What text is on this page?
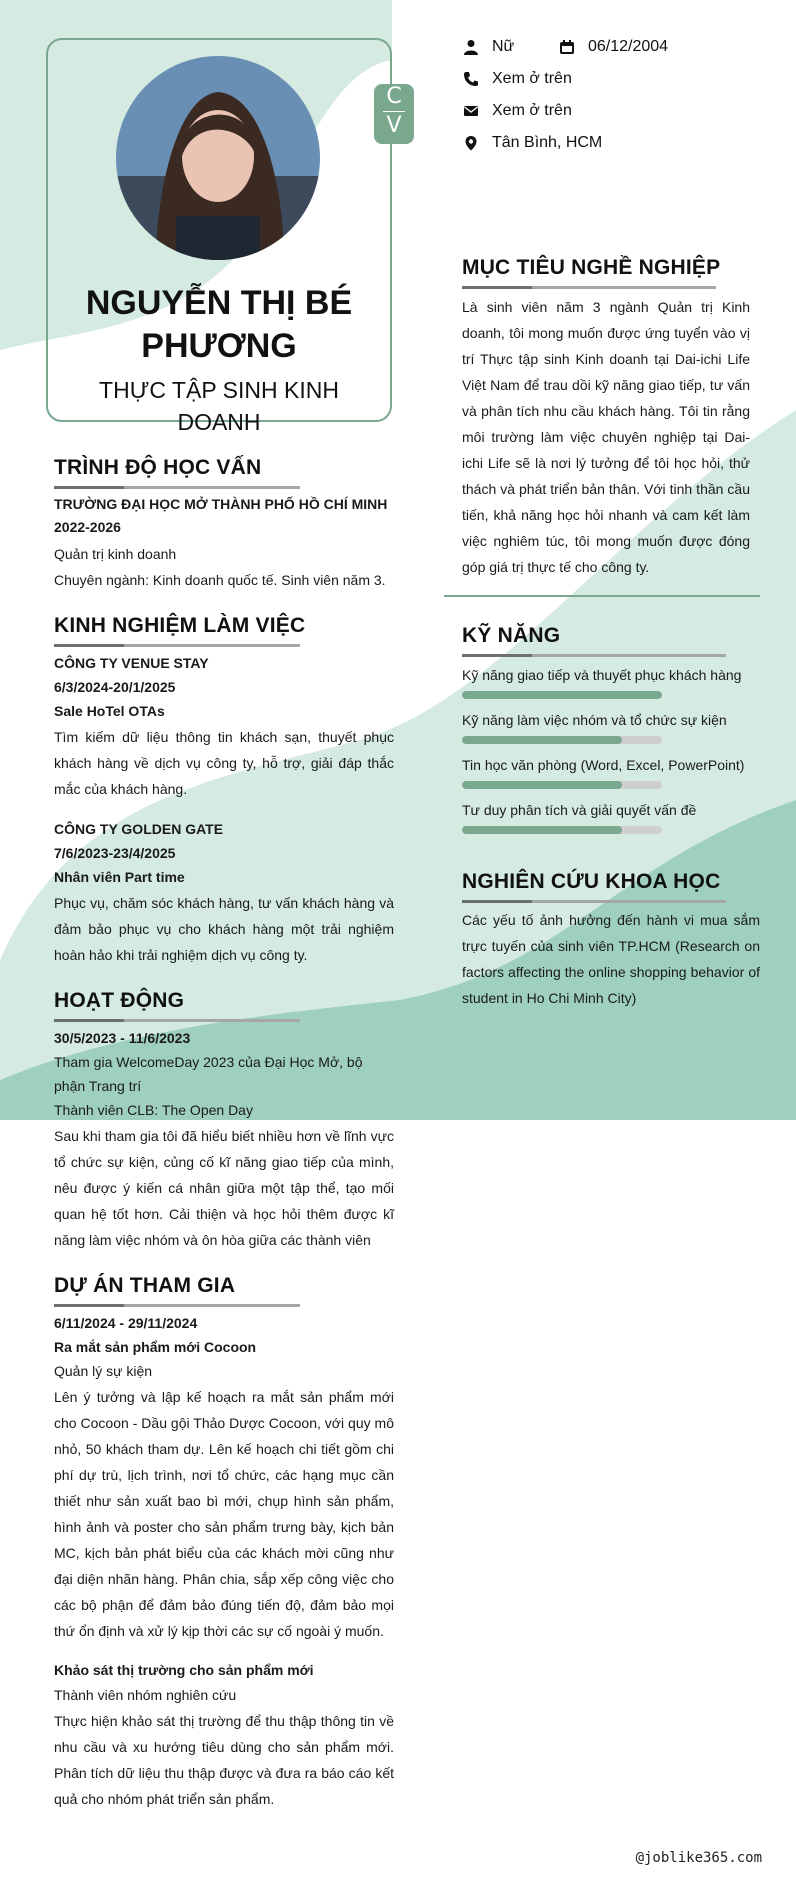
C
V
NGUYỄN THỊ BÉ PHƯƠNG
THỰC TẬP SINH KINH DOANH
Nữ	06/12/2004
Xem ở trên
Xem ở trên
Tân Bình, HCM
MỤC TIÊU NGHỀ NGHIỆP
Là sinh viên năm 3 ngành Quản trị Kinh doanh, tôi mong muốn được ứng tuyển vào vị trí Thực tập sinh Kinh doanh tại Dai-ichi Life Việt Nam để trau dồi kỹ năng giao tiếp, tư vấn và phân tích nhu cầu khách hàng. Tôi tin rằng môi trường làm việc chuyên nghiệp tại Dai-ichi Life sẽ là nơi lý tưởng để tôi học hỏi, thử thách và phát triển bản thân. Với tinh thần cầu tiến, khả năng học hỏi nhanh và cam kết làm việc nghiêm túc, tôi mong muốn được đóng góp giá trị thực tế cho công ty.
KỸ NĂNG
Kỹ năng giao tiếp và thuyết phục khách hàng
Kỹ năng làm việc nhóm và tổ chức sự kiện
Tin học văn phòng (Word, Excel, PowerPoint)
Tư duy phân tích và giải quyết vấn đề
NGHIÊN CỨU KHOA HỌC
Các yếu tố ảnh hưởng đến hành vi mua sắm trực tuyến của sinh viên TP.HCM (Research on factors affecting the online shopping behavior of student in Ho Chi Minh City)
TRÌNH ĐỘ HỌC VẤN
TRƯỜNG ĐẠI HỌC MỞ THÀNH PHỐ HỒ CHÍ MINH
2022-2026
Quản trị kinh doanh
Chuyên ngành: Kinh doanh quốc tế. Sinh viên năm 3.
KINH NGHIỆM LÀM VIỆC
CÔNG TY VENUE STAY
6/3/2024-20/1/2025
Sale HoTel OTAs
Tìm kiếm dữ liệu thông tin khách sạn, thuyết phục khách hàng về dịch vụ công ty, hỗ trợ, giải đáp thắc mắc của khách hàng.
CÔNG TY GOLDEN GATE
7/6/2023-23/4/2025
Nhân viên Part time
Phục vụ, chăm sóc khách hàng, tư vấn khách hàng và đảm bảo phục vụ cho khách hàng một trải nghiệm hoàn hảo khi trải nghiệm dịch vụ công ty.
HOẠT ĐỘNG
30/5/2023 - 11/6/2023
Tham gia WelcomeDay 2023 của Đại Học Mở, bộ phận Trang trí
Thành viên CLB: The Open Day
Sau khi tham gia tôi đã hiểu biết nhiều hơn về lĩnh vực tổ chức sự kiện, củng cố kĩ năng giao tiếp của mình, nêu được ý kiến cá nhân giữa một tập thể, tạo mối quan hệ tốt hơn. Cải thiện và học hỏi thêm được kĩ năng làm việc nhóm và ôn hòa giữa các thành viên
DỰ ÁN THAM GIA
6/11/2024 - 29/11/2024
Ra mắt sản phẩm mới Cocoon
Quản lý sự kiện
Lên ý tưởng và lập kế hoạch ra mắt sản phẩm mới cho Cocoon - Dầu gội Thảo Dược Cocoon, với quy mô nhỏ, 50 khách tham dự. Lên kế hoạch chi tiết gồm chi phí dự trù, lịch trình, nơi tổ chức, các hạng mục cần thiết như sản xuất bao bì mới, chụp hình sản phẩm, hình ảnh và poster cho sản phẩm trưng bày, kịch bản MC, kịch bản phát biểu của các khách mời cũng như đại diện nhãn hàng. Phân chia, sắp xếp công việc cho các bộ phận để đảm bảo đúng tiến độ, đảm bảo mọi thứ ổn định và xử lý kịp thời các sự cố ngoài ý muốn.
Khảo sát thị trường cho sản phẩm mới
Thành viên nhóm nghiên cứu
Thực hiện khảo sát thị trường để thu thập thông tin về nhu cầu và xu hướng tiêu dùng cho sản phẩm mới. Phân tích dữ liệu thu thập được và đưa ra báo cáo kết quả cho nhóm phát triển sản phẩm.
@joblike365.com
